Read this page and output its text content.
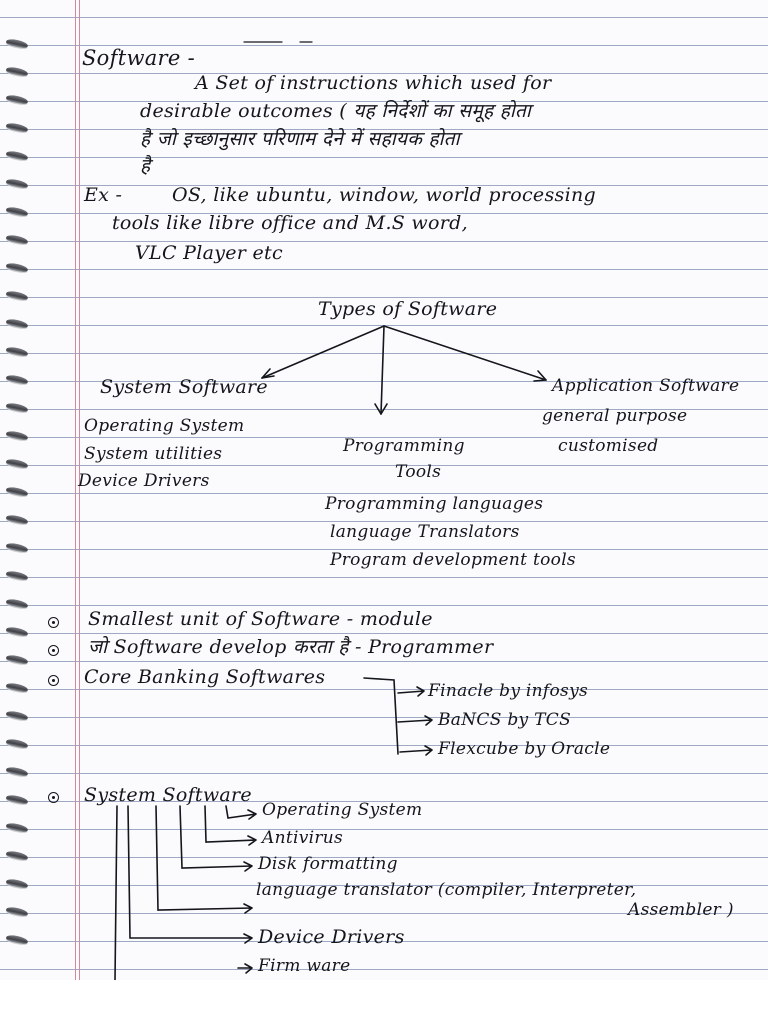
Software -
A Set of instructions which used for
desirable outcomes ( यह निर्देशों का समूह होता
है जो इच्छानुसार परिणाम देने में सहायक होता
है
Ex -	OS, like ubuntu, window, world processing
tools like libre office and M.S word,
VLC Player etc
Types of Software
System Software
Operating System
System utilities
Device Drivers
Programming
Tools
Programming languages
language Translators
Program development tools
Application Software
general purpose
customised
Smallest unit of Software - module
जो Software develop करता है - Programmer
Core Banking Softwares
Finacle by infosys
BaNCS by TCS
Flexcube by Oracle
System Software
Operating System
Antivirus
Disk formatting
language translator (compiler, Interpreter,
Assembler )
Device Drivers
Firm ware
